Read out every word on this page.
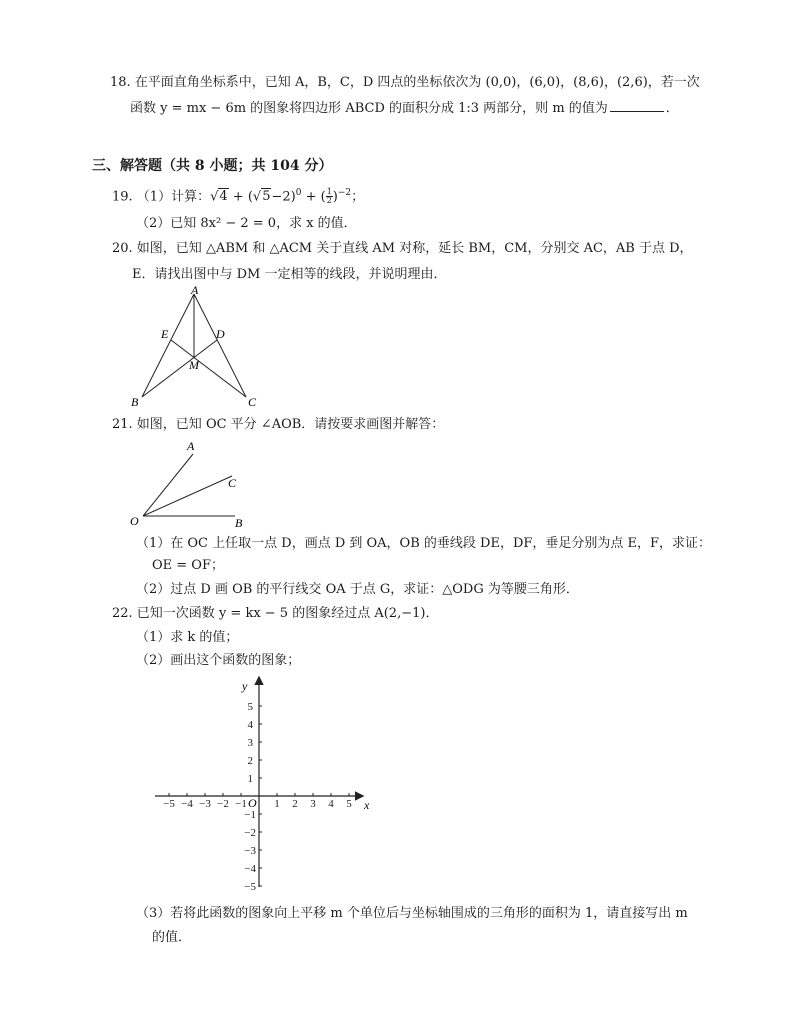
18. 在平面直角坐标系中，已知 A，B，C，D 四点的坐标依次为 (0,0)，(6,0)，(8,6)，(2,6)，若一次
函数 y = mx − 6m 的图象将四边形 ABCD 的面积分成 1:3 两部分，则 m 的值为	．
三、解答题（共 8 小题；共 104 分）
19. （1）计算：$√4 + (√5-2)^0$ + ( $\frac{1}{2} )^{-2}$；
（2）已知 8x² − 2 = 0，求 x 的值．
20. 如图，已知 △ABM 和 △ACM 关于直线 AM 对称，延长 BM，CM，分别交 AC，AB 于点 D，
E．请找出图中与 DM 一定相等的线段，并说明理由．
A
E	D
M
B	C
21. 如图，已知 OC 平分 ∠AOB．请按要求画图并解答：
A
C
O	B
（1）在 OC 上任取一点 D，画点 D 到 OA，OB 的垂线段 DE，DF，垂足分别为点 E，F，求证：
OE = OF；
（2）过点 D 画 OB 的平行线交 OA 于点 G，求证：△ODG 为等腰三角形．
22. 已知一次函数 y = kx − 5 的图象经过点 A(2,−1)．
（1）求 k 的值；
（2）画出这个函数的图象；
−5 −4 −3 −2 −1 1 2 3 4 5
1
2
3
4
5
−1
−2
−3
−4
−5
x
y
O
（3）若将此函数的图象向上平移 m 个单位后与坐标轴围成的三角形的面积为 1，请直接写出 m
的值．
